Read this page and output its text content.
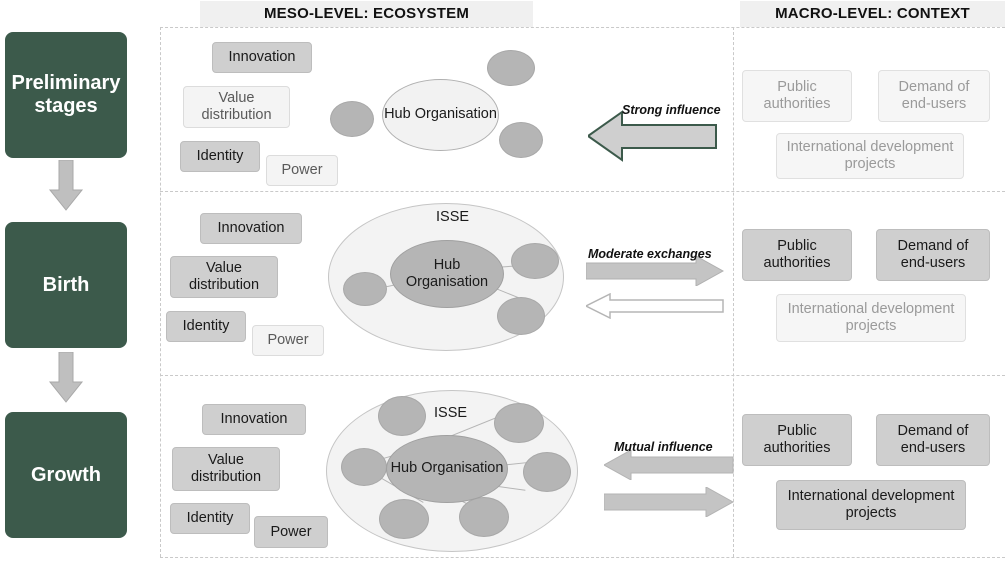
MESO-LEVEL: ECOSYSTEM	MACRO-LEVEL: CONTEXT
Preliminary stages
Birth
Growth
Innovation
Value distribution
Identity
Power
Hub Organisation	Strong influence
Public authorities
Demand of end-users
International development projects
Innovation
Value distribution
Identity
Power
ISSE
Hub Organisation
Moderate exchanges	Public authorities
Demand of end-users
International development projects
Innovation
Value distribution
Identity
Power
ISSE
Hub Organisation
Mutual influence
Public authorities
Demand of end-users
International development projects
